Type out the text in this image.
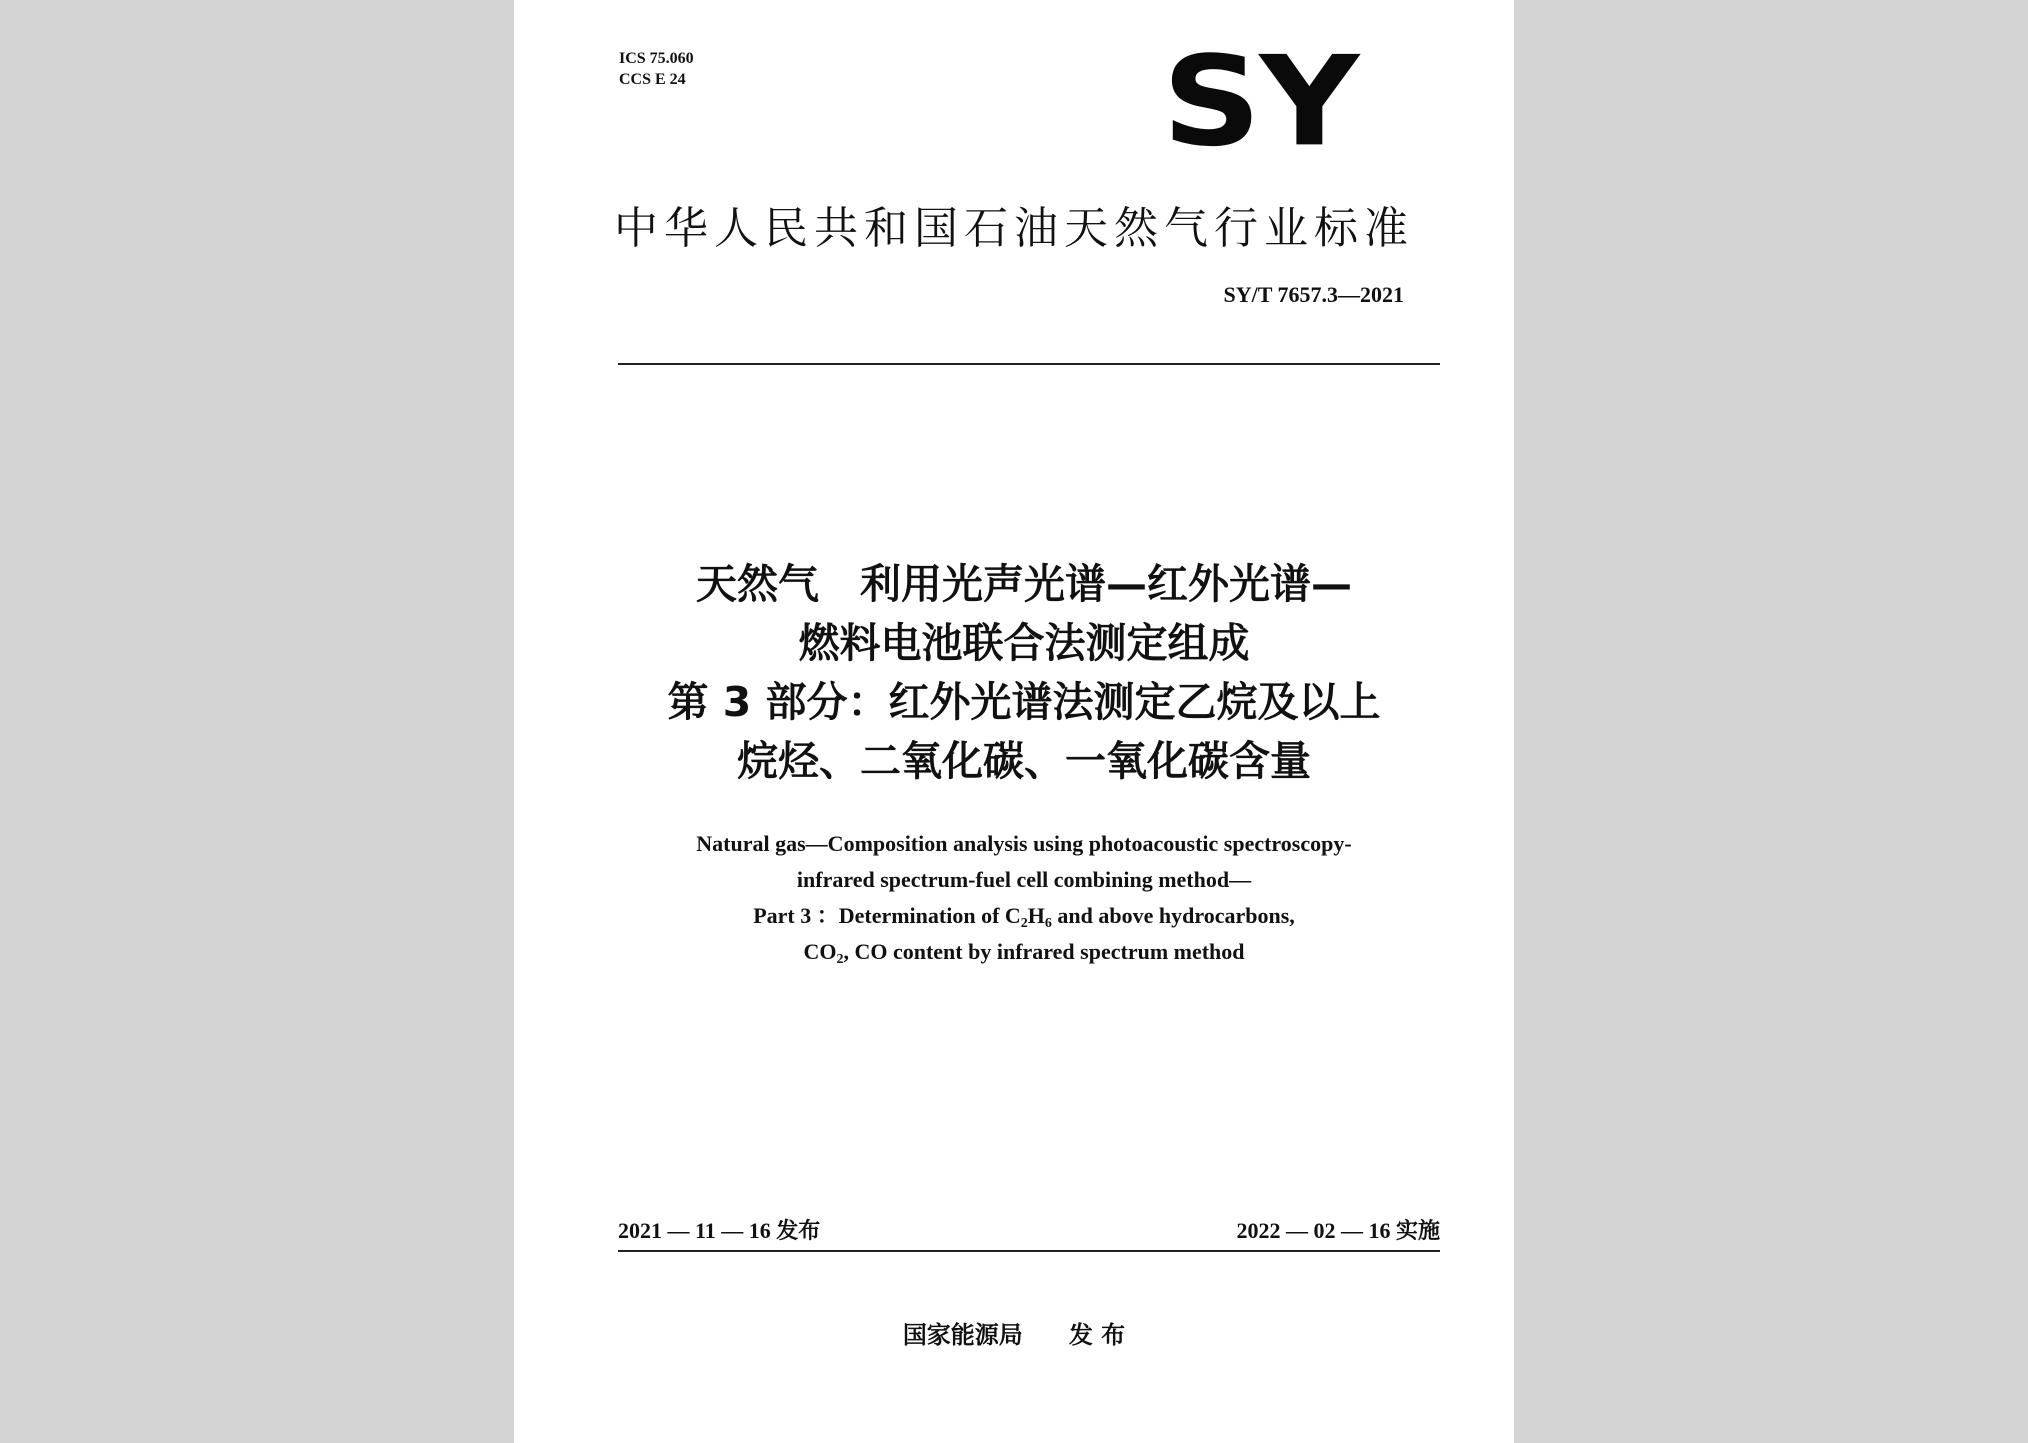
ICS 75.060
CCS E 24	SY
中华人民共和国石油天然气行业标准
SY/T 7657.3—2021
天然气　利用光声光谱—红外光谱—
燃料电池联合法测定组成
第 3 部分：红外光谱法测定乙烷及以上
烷烃、二氧化碳、一氧化碳含量
Natural gas—Composition analysis using photoacoustic spectroscopy-
infrared spectrum-fuel cell combining method—
Part 3 ：Determination of $C_2H_6$ and above hydrocarbons,
$CO_2$, CO content by infrared spectrum method
2021 — 11 — 16 发布	2022 — 02 — 16 实施
国家能源局 发 布
